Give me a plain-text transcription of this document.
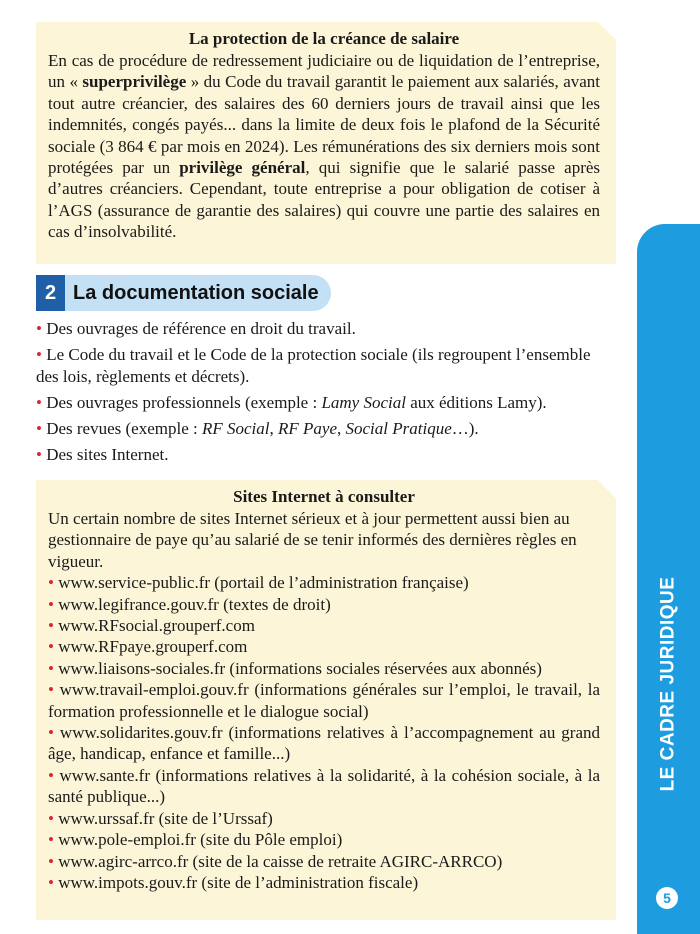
La protection de la créance de salaire
En cas de procédure de redressement judiciaire ou de liquidation de l’entreprise, un « superprivilège » du Code du travail garantit le paiement aux salariés, avant tout autre créancier, des salaires des 60 derniers jours de travail ainsi que les indemnités, congés payés... dans la limite de deux fois le plafond de la Sécurité sociale (3 864 € par mois en 2024). Les rémunérations des six derniers mois sont protégées par un privilège général, qui signifie que le salarié passe après d’autres créanciers. Cependant, toute entreprise a pour obligation de cotiser à l’AGS (assurance de garantie des salaires) qui couvre une partie des salaires en cas d’insolvabilité.
2 La documentation sociale
• Des ouvrages de référence en droit du travail.
• Le Code du travail et le Code de la protection sociale (ils regroupent l’ensemble des lois, règlements et décrets).
• Des ouvrages professionnels (exemple : Lamy Social aux éditions Lamy).
• Des revues (exemple : RF Social, RF Paye, Social Pratique…).
• Des sites Internet.
Sites Internet à consulter
Un certain nombre de sites Internet sérieux et à jour permettent aussi bien au gestionnaire de paye qu’au salarié de se tenir informés des dernières règles en vigueur.
• www.service-public.fr (portail de l’administration française)
• www.legifrance.gouv.fr (textes de droit)
• www.RFsocial.grouperf.com
• www.RFpaye.grouperf.com
• www.liaisons-sociales.fr (informations sociales réservées aux abonnés)
• www.travail-emploi.gouv.fr (informations générales sur l’emploi, le travail, la formation professionnelle et le dialogue social)
• www.solidarites.gouv.fr (informations relatives à l’accompagnement au grand âge, handicap, enfance et famille...)
• www.sante.fr (informations relatives à la solidarité, à la cohésion sociale, à la santé publique...)
• www.urssaf.fr (site de l’Urssaf)
• www.pole-emploi.fr (site du Pôle emploi)
• www.agirc-arrco.fr (site de la caisse de retraite AGIRC-ARRCO)
• www.impots.gouv.fr (site de l’administration fiscale)
LE CADRE JURIDIQUE
5
